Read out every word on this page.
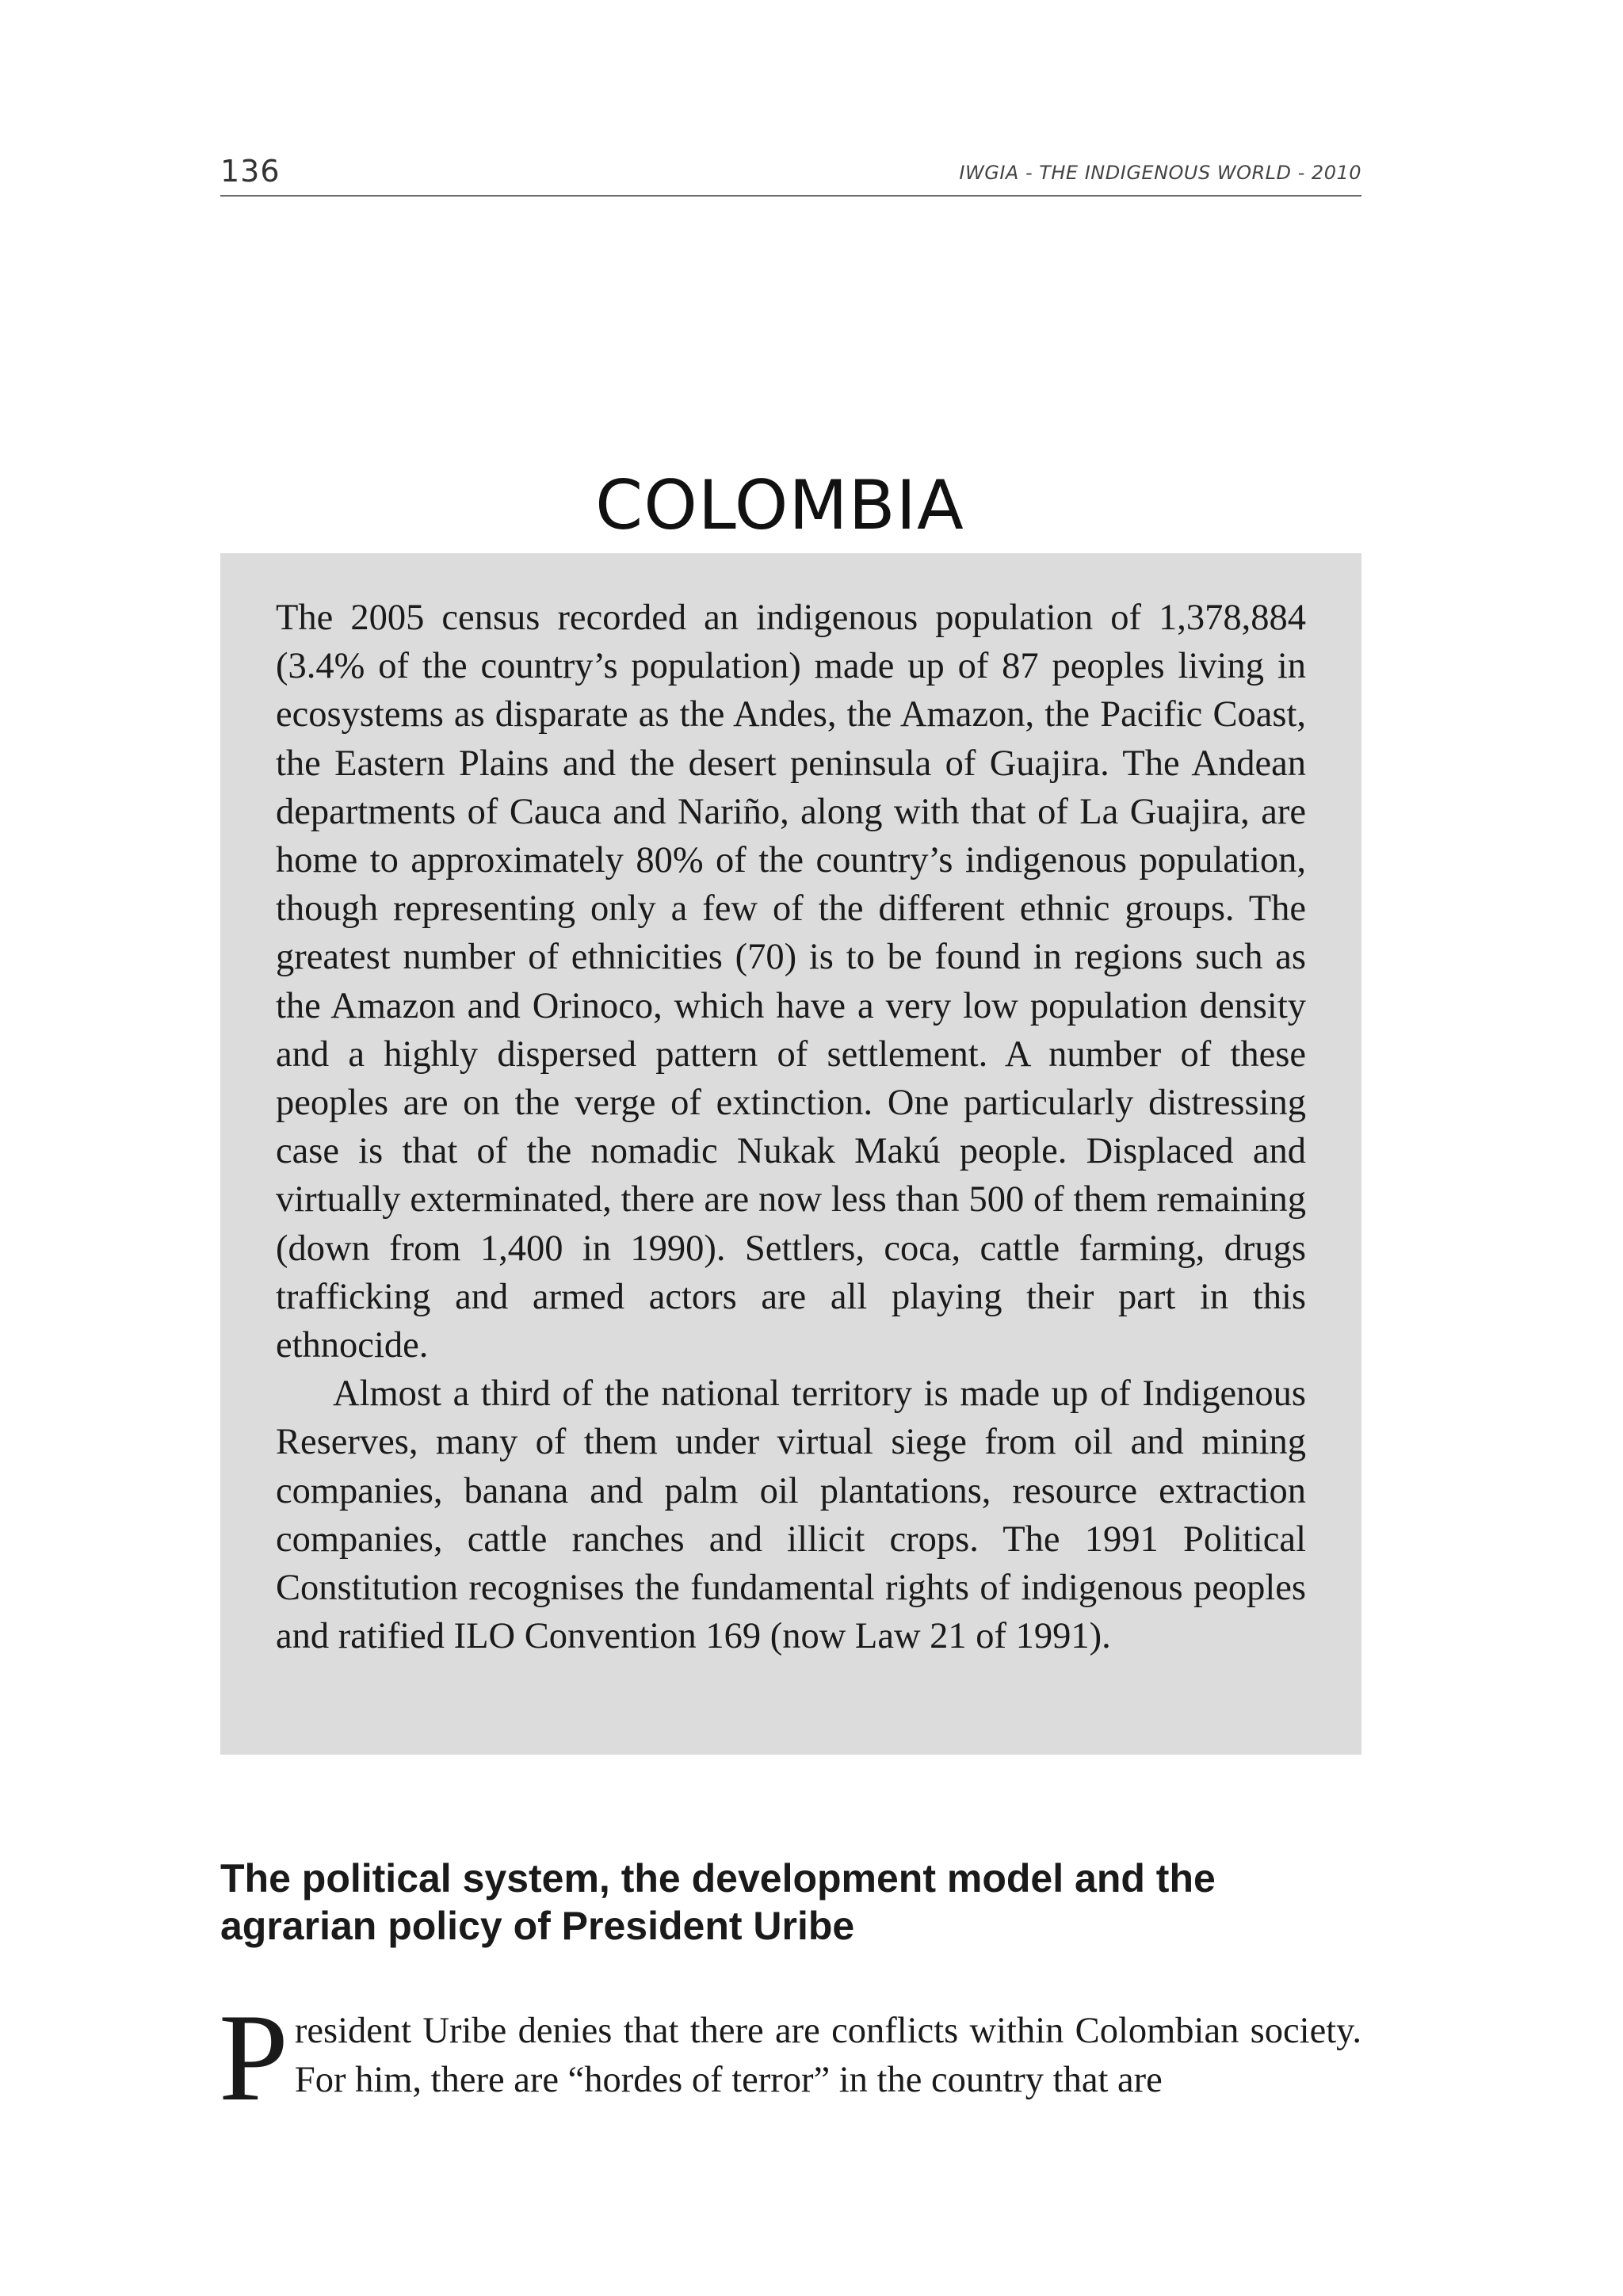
136	IWGIA - THE INDIGENOUS WORLD - 2010
COLOMBIA

The 2005 census recorded an indigenous population of 1,378,884 (3.4% of the country’s population) made up of 87 peoples living in ecosystems as disparate as the Andes, the Amazon, the Pacific Coast, the Eastern Plains and the desert peninsula of Guajira. The Andean departments of Cauca and Nariño, along with that of La Guajira, are home to approximately 80% of the country’s indigenous population, though representing only a few of the different ethnic groups. The greatest number of ethnicities (70) is to be found in regions such as the Amazon and Orinoco, which have a very low population density and a highly dispersed pattern of settlement. A number of these peoples are on the verge of extinction. One particularly distressing case is that of the nomadic Nukak Makú people. Displaced and virtually exterminated, there are now less than 500 of them remaining (down from 1,400 in 1990). Settlers, coca, cattle farming, drugs trafficking and armed actors are all playing their part in this ethnocide.

Almost a third of the national territory is made up of Indigenous Reserves, many of them under virtual siege from oil and mining companies, banana and palm oil plantations, resource extraction companies, cattle ranches and illicit crops. The 1991 Political Constitution recognises the fundamental rights of indigenous peoples and ratified ILO Convention 169 (now Law 21 of 1991).

The political system, the development model and the agrarian policy of President Uribe

President Uribe denies that there are conflicts within Colombian society. For him, there are “hordes of terror” in the country that are
